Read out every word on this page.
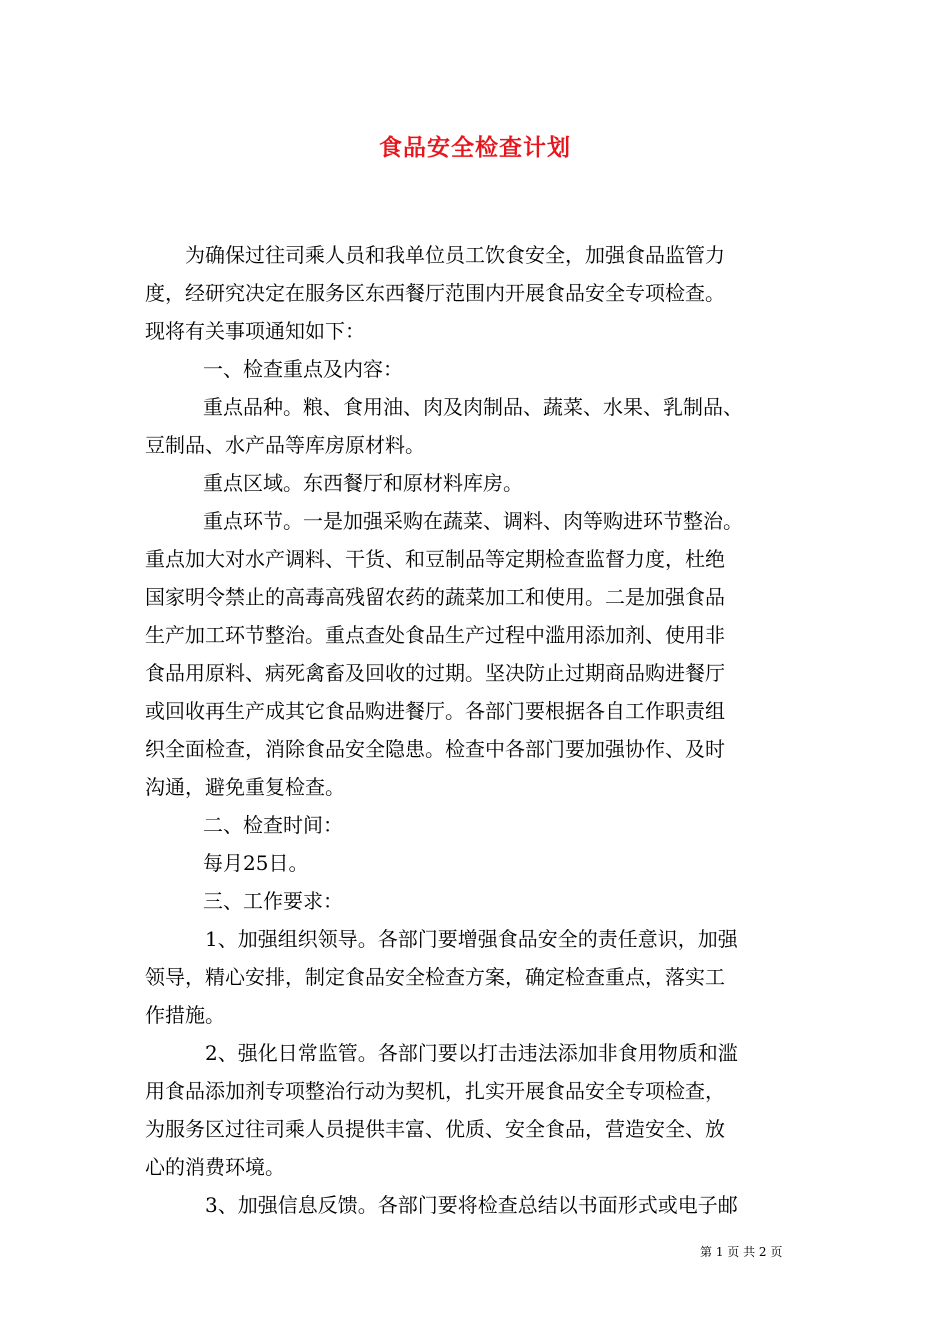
食品安全检查计划
为确保过往司乘人员和我单位员工饮食安全，加强食品监管力
度，经研究决定在服务区东西餐厅范围内开展食品安全专项检查。
现将有关事项通知如下：
一、检查重点及内容：
重点品种。粮、食用油、肉及肉制品、蔬菜、水果、乳制品、
豆制品、水产品等库房原材料。
重点区域。东西餐厅和原材料库房。
重点环节。一是加强采购在蔬菜、调料、肉等购进环节整治。
重点加大对水产调料、干货、和豆制品等定期检查监督力度，杜绝
国家明令禁止的高毒高残留农药的蔬菜加工和使用。二是加强食品
生产加工环节整治。重点查处食品生产过程中滥用添加剂、使用非
食品用原料、病死禽畜及回收的过期。坚决防止过期商品购进餐厅
或回收再生产成其它食品购进餐厅。各部门要根据各自工作职责组
织全面检查，消除食品安全隐患。检查中各部门要加强协作、及时
沟通，避免重复检查。
二、检查时间：
每月25日。
三、工作要求：
1、加强组织领导。各部门要增强食品安全的责任意识，加强
领导，精心安排，制定食品安全检查方案，确定检查重点，落实工
作措施。
2、强化日常监管。各部门要以打击违法添加非食用物质和滥
用食品添加剂专项整治行动为契机，扎实开展食品安全专项检查，
为服务区过往司乘人员提供丰富、优质、安全食品，营造安全、放
心的消费环境。
3、加强信息反馈。各部门要将检查总结以书面形式或电子邮
第 1 页 共 2 页
